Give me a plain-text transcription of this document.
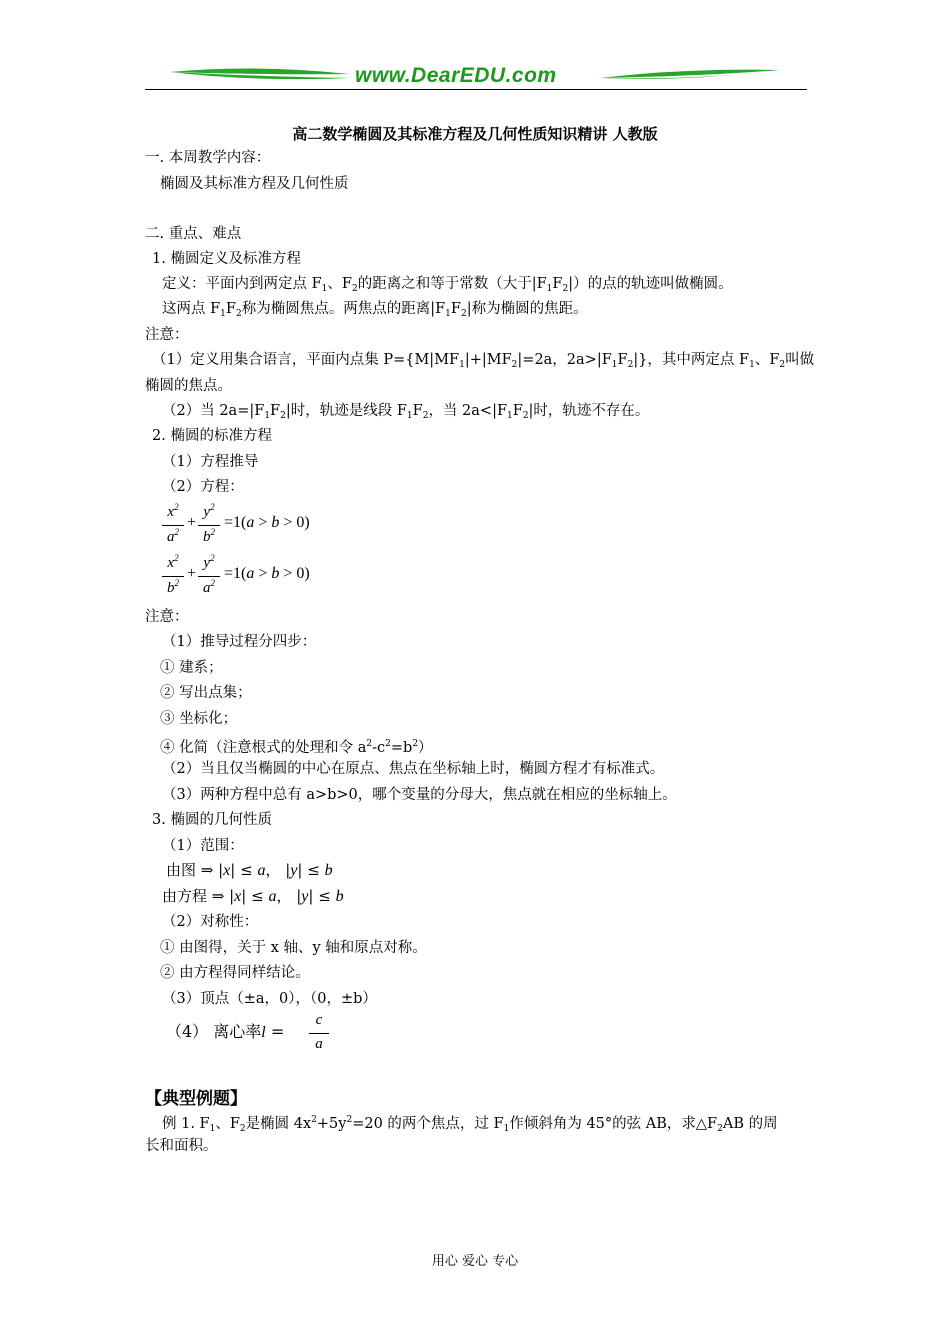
www.DearEDU.com
高二数学椭圆及其标准方程及几何性质知识精讲 人教版
一. 本周教学内容：
椭圆及其标准方程及几何性质
二. 重点、难点
1. 椭圆定义及标准方程
定义：平面内到两定点 $F_1$、$F_2$的距离之和等于常数（大于$|F_1F_2|$）的点的轨迹叫做椭圆。
这两点 $F_1F_2$称为椭圆焦点。两焦点的距离$|F_1F_2|$称为椭圆的焦距。
注意：
（1）定义用集合语言，平面内点集 $P=\{M|MF_1|+|MF_2|=2a$，$2a>|F_1F_2|$}，其中两定点 $F_1$、$F_2$叫做
椭圆的焦点。
（2）当 $2a=|F_1F_2|$时，轨迹是线段 $F_1F_2$，当 $2a<|F_1F_2|$时，轨迹不存在。
2. 椭圆的标准方程
（1）方程推导
（2）方程：
$x^2$
$a^2$
+
$y^2$
$b^2$
=1(a > b > 0)
$x^2$
$b^2$
+
$y^2$
$a^2$
=1(a > b > 0)
注意：
（1）推导过程分四步：
① 建系；
② 写出点集；
③ 坐标化；
④ 化简（注意根式的处理和令 $a^2-c^2=b^2$）
（2）当且仅当椭圆的中心在原点、焦点在坐标轴上时，椭圆方程才有标准式。
（3）两种方程中总有 a>b>0，哪个变量的分母大，焦点就在相应的坐标轴上。
3. 椭圆的几何性质
（1）范围：
由图 ⇒ |x| ≤ a， |y| ≤ b
由方程 ⇒ |x| ≤ a， |y| ≤ b
（2）对称性：
① 由图得，关于 x 轴、y 轴和原点对称。
② 由方程得同样结论。
（3）顶点（±a，0），（0，±b）
（4） 离心率l =
c
a
【典型例题】
例 1. $F_1$、$F_2$是椭圆 $4x^2+5y^2=20$ 的两个焦点，过 $F_1$作倾斜角为 45°的弦 AB，求$\triangle F_2AB$ 的周
长和面积。
用心 爱心 专心
